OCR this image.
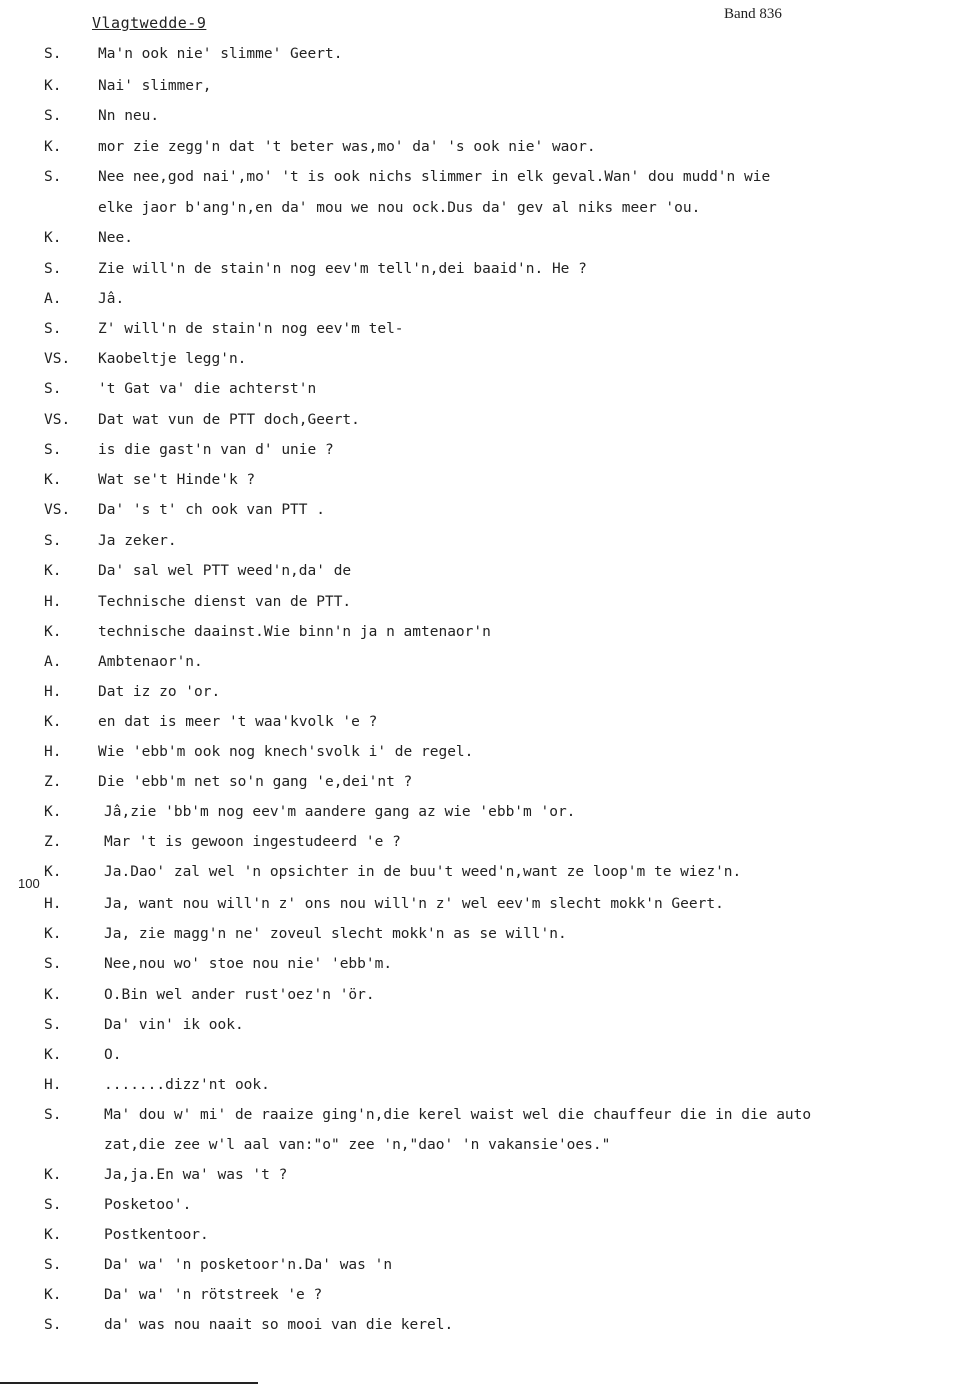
Vlagtwedde-9	Band 836
100
S.	Ma'n ook nie' slimme' Geert.
K.	Nai' slimmer,
S.	Nn neu.
K.	mor zie zegg'n dat 't beter was,mo' da' 's ook nie' waor.
S.	Nee nee,god nai',mo' 't is ook nichs slimmer in elk geval.Wan' dou mudd'n wie
elke jaor b'ang'n,en da' mou we nou ock.Dus da' gev al niks meer 'ou.
K.	Nee.
S.	Zie will'n de stain'n nog eev'm tell'n,dei baaid'n. He ?
A.	Jâ.
S.	Z' will'n de stain'n nog eev'm tel-
VS.	Kaobeltje legg'n.
S.	't Gat va' die achterst'n
VS.	Dat wat vun de PTT doch,Geert.
S.	is die gast'n van d' unie ?
K.	Wat se't Hinde'k ?
VS.	Da' 's t' ch ook van PTT .
S.	Ja zeker.
K.	Da' sal wel PTT weed'n,da' de
H.	Technische dienst van de PTT.
K.	technische daainst.Wie binn'n ja n amtenaor'n
A.	Ambtenaor'n.
H.	Dat iz zo 'or.
K.	en dat is meer 't waa'kvolk 'e ?
H.	Wie 'ebb'm ook nog knech'svolk i' de regel.
Z.	Die 'ebb'm net so'n gang 'e,dei'nt ?
K.	Jâ,zie 'bb'm nog eev'm aandere gang az wie 'ebb'm 'or.
Z.	Mar 't is gewoon ingestudeerd 'e ?
K.	Ja.Dao' zal wel 'n opsichter in de buu't weed'n,want ze loop'm te wiez'n.
H.	Ja, want nou will'n z' ons nou will'n z' wel eev'm slecht mokk'n Geert.
K.	Ja, zie magg'n ne' zoveul slecht mokk'n as se will'n.
S.	Nee,nou wo' stoe nou nie' 'ebb'm.
K.	O.Bin wel ander rust'oez'n 'ör.
S.	Da' vin' ik ook.
K.	O.
H.	.......dizz'nt ook.
S.	Ma' dou w' mi' de raaize ging'n,die kerel waist wel die chauffeur die in die auto
zat,die zee w'l aal van:"o" zee 'n,"dao' 'n vakansie'oes."
K.	Ja,ja.En wa' was 't ?
S.	Posketoo'.
K.	Postkentoor.
S.	Da' wa' 'n posketoor'n.Da' was 'n
K.	Da' wa' 'n rötstreek 'e ?
S.	da' was nou naait so mooi van die kerel.
